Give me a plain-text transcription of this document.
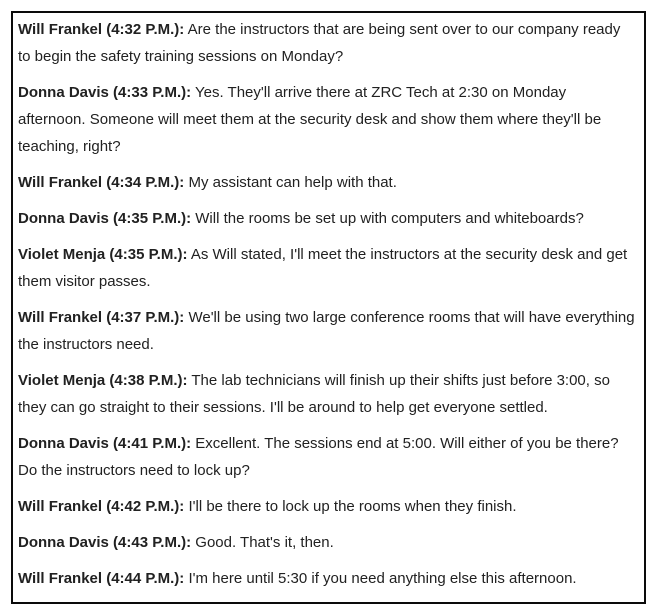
Will Frankel (4:32 P.M.): Are the instructors that are being sent over to our company ready to begin the safety training sessions on Monday?

Donna Davis (4:33 P.M.): Yes. They'll arrive there at ZRC Tech at 2:30 on Monday afternoon. Someone will meet them at the security desk and show them where they'll be teaching, right?

Will Frankel (4:34 P.M.): My assistant can help with that.

Donna Davis (4:35 P.M.): Will the rooms be set up with computers and whiteboards?

Violet Menja (4:35 P.M.): As Will stated, I'll meet the instructors at the security desk and get them visitor passes.

Will Frankel (4:37 P.M.): We'll be using two large conference rooms that will have everything the instructors need.

Violet Menja (4:38 P.M.): The lab technicians will finish up their shifts just before 3:00, so they can go straight to their sessions. I'll be around to help get everyone settled.

Donna Davis (4:41 P.M.): Excellent. The sessions end at 5:00. Will either of you be there? Do the instructors need to lock up?

Will Frankel (4:42 P.M.): I'll be there to lock up the rooms when they finish.

Donna Davis (4:43 P.M.): Good. That's it, then.

Will Frankel (4:44 P.M.): I'm here until 5:30 if you need anything else this afternoon.
